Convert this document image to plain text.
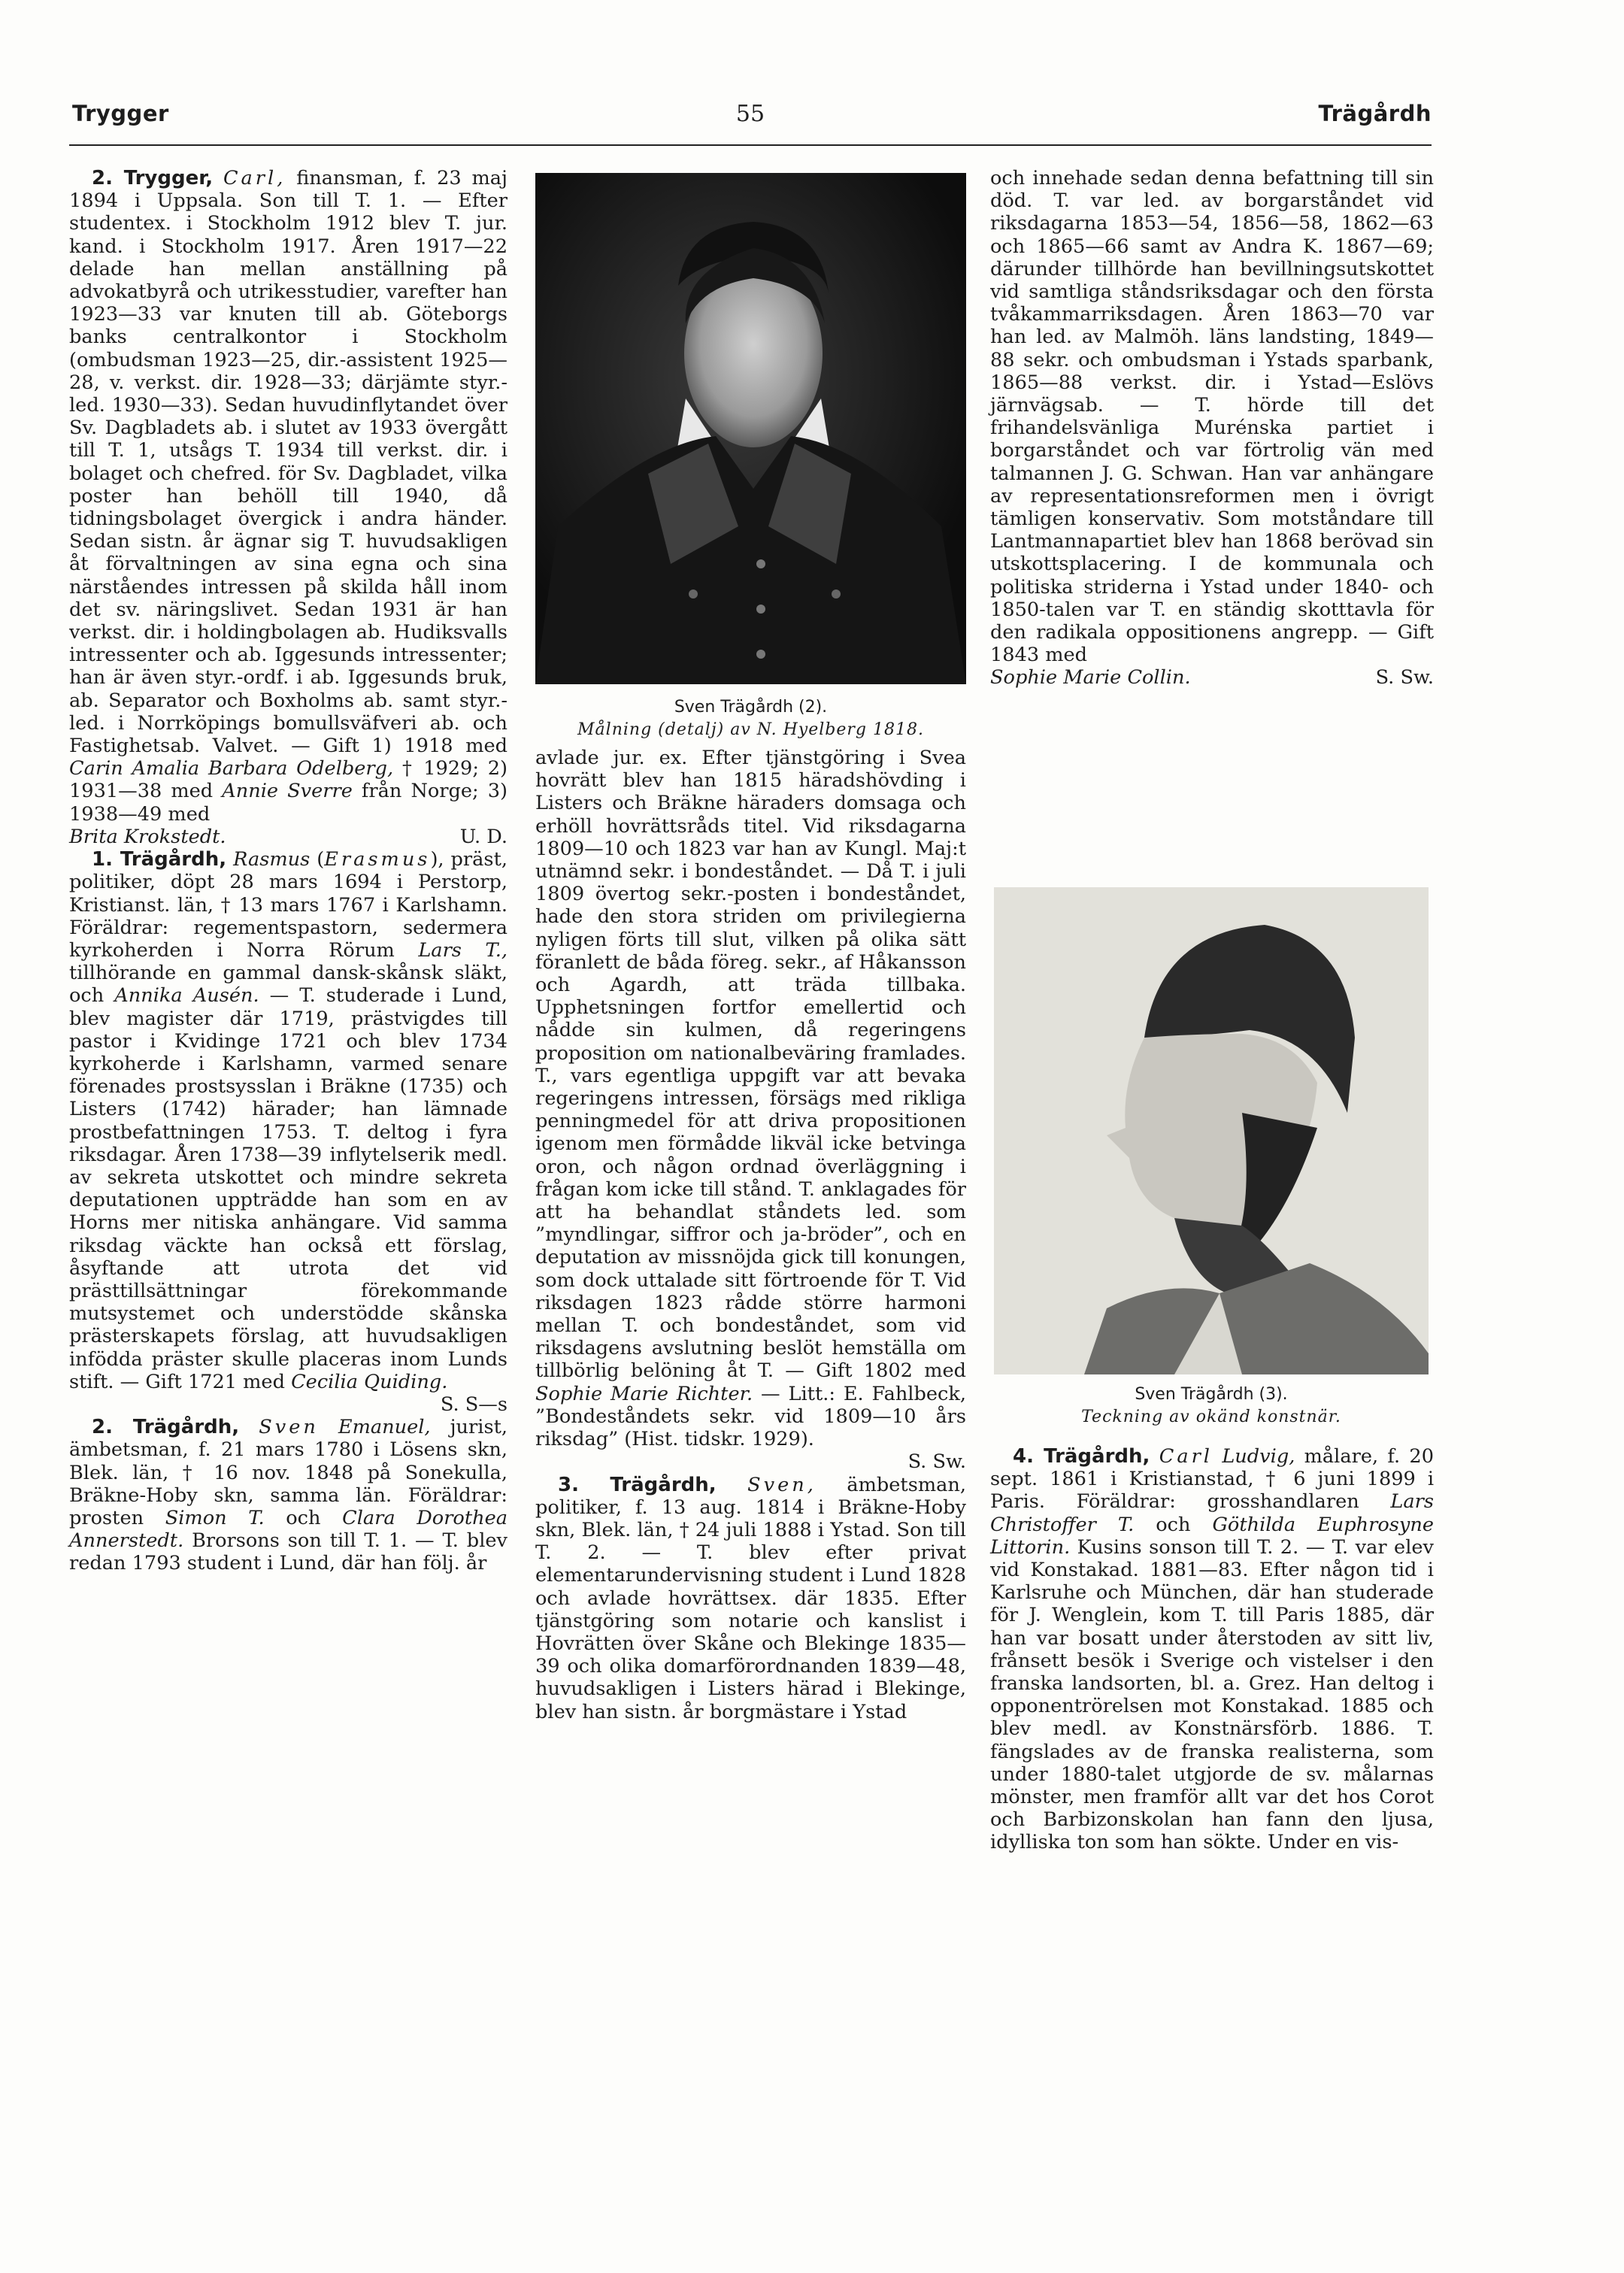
Trygger	55	Trägårdh

2. Trygger, Carl, finansman, f. 23 maj 1894 i Uppsala. Son till T. 1. — Efter studentex. i Stockholm 1912 blev T. jur. kand. i Stockholm 1917. Åren 1917—22 delade han mellan anställning på advokatbyrå och utrikesstudier, varefter han 1923—33 var knuten till ab. Göteborgs banks centralkontor i Stockholm (ombudsman 1923—25, dir.-assistent 1925—28, v. verkst. dir. 1928—33; därjämte styr.-led. 1930—33). Sedan huvudinflytandet över Sv. Dagbladets ab. i slutet av 1933 övergått till T. 1, utsågs T. 1934 till verkst. dir. i bolaget och chefred. för Sv. Dagbladet, vilka poster han behöll till 1940, då tidningsbolaget övergick i andra händer. Sedan sistn. år ägnar sig T. huvudsakligen åt förvaltningen av sina egna och sina närståendes intressen på skilda håll inom det sv. näringslivet. Sedan 1931 är han verkst. dir. i holdingbolagen ab. Hudiksvalls intressenter och ab. Iggesunds intressenter; han är även styr.-ordf. i ab. Iggesunds bruk, ab. Separator och Boxholms ab. samt styr.-led. i Norrköpings bomullsväfveri ab. och Fastighetsab. Valvet. — Gift 1) 1918 med Carin Amalia Barbara Odelberg, † 1929; 2) 1931—38 med Annie Sverre från Norge; 3) 1938—49 med

Brita Krokstedt.	U. D.

1. Trägårdh, Rasmus (Erasmus), präst, politiker, döpt 28 mars 1694 i Perstorp, Kristianst. län, † 13 mars 1767 i Karlshamn. Föräldrar: regementspastorn, sedermera kyrkoherden i Norra Rörum Lars T., tillhörande en gammal dansk-skånsk släkt, och Annika Ausén. — T. studerade i Lund, blev magister där 1719, prästvigdes till pastor i Kvidinge 1721 och blev 1734 kyrkoherde i Karlshamn, varmed senare förenades prostsysslan i Bräkne (1735) och Listers (1742) härader; han lämnade prostbefattningen 1753. T. deltog i fyra riksdagar. Åren 1738—39 inflytelserik medl. av sekreta utskottet och mindre sekreta deputationen uppträdde han som en av Horns mer nitiska anhängare. Vid samma riksdag väckte han också ett förslag, åsyftande att utrota det vid prästtillsättningar förekommande mutsystemet och understödde skånska prästerskapets förslag, att huvudsakligen infödda präster skulle placeras inom Lunds stift. — Gift 1721 med Cecilia Quiding.

S. S—s

2. Trägårdh, Sven Emanuel, jurist, ämbetsman, f. 21 mars 1780 i Lösens skn, Blek. län, † 16 nov. 1848 på Sonekulla, Bräkne-Hoby skn, samma län. Föräldrar: prosten Simon T. och Clara Dorothea Annerstedt. Brorsons son till T. 1. — T. blev redan 1793 student i Lund, där han följ. år

Sven Trägårdh (2).
Målning (detalj) av N. Hyelberg 1818.

avlade jur. ex. Efter tjänstgöring i Svea hovrätt blev han 1815 häradshövding i Listers och Bräkne häraders domsaga och erhöll hovrättsråds titel. Vid riksdagarna 1809—10 och 1823 var han av Kungl. Maj:t utnämnd sekr. i bondeståndet. — Då T. i juli 1809 övertog sekr.-posten i bondeståndet, hade den stora striden om privilegierna nyligen förts till slut, vilken på olika sätt föranlett de båda föreg. sekr., af Håkansson och Agardh, att träda tillbaka. Upphetsningen fortfor emellertid och nådde sin kulmen, då regeringens proposition om nationalbeväring framlades. T., vars egentliga uppgift var att bevaka regeringens intressen, försägs med rikliga penningmedel för att driva propositionen igenom men förmådde likväl icke betvinga oron, och någon ordnad överläggning i frågan kom icke till stånd. T. anklagades för att ha behandlat ståndets led. som ”myndlingar, siffror och ja-bröder”, och en deputation av missnöjda gick till konungen, som dock uttalade sitt förtroende för T. Vid riksdagen 1823 rådde större harmoni mellan T. och bondeståndet, som vid riksdagens avslutning beslöt hemställa om tillbörlig belöning åt T. — Gift 1802 med Sophie Marie Richter. — Litt.: E. Fahlbeck, ”Bondeståndets sekr. vid 1809—10 års riksdag” (Hist. tidskr. 1929).

S. Sw.

3. Trägårdh, Sven, ämbetsman, politiker, f. 13 aug. 1814 i Bräkne-Hoby skn, Blek. län, † 24 juli 1888 i Ystad. Son till T. 2. — T. blev efter privat elementarundervisning student i Lund 1828 och avlade hovrättsex. där 1835. Efter tjänstgöring som notarie och kanslist i Hovrätten över Skåne och Blekinge 1835—39 och olika domarförordnanden 1839—48, huvudsakligen i Listers härad i Blekinge, blev han sistn. år borgmästare i Ystad

och innehade sedan denna befattning till sin död. T. var led. av borgarståndet vid riksdagarna 1853—54, 1856—58, 1862—63 och 1865—66 samt av Andra K. 1867—69; därunder tillhörde han bevillningsutskottet vid samtliga ståndsriksdagar och den första tvåkammarriksdagen. Åren 1863—70 var han led. av Malmöh. läns landsting, 1849—88 sekr. och ombudsman i Ystads sparbank, 1865—88 verkst. dir. i Ystad—Eslövs järnvägsab. — T. hörde till det frihandelsvänliga Murénska partiet i borgarståndet och var förtrolig vän med talmannen J. G. Schwan. Han var anhängare av representationsreformen men i övrigt tämligen konservativ. Som motståndare till Lantmannapartiet blev han 1868 berövad sin utskottsplacering. I de kommunala och politiska striderna i Ystad under 1840- och 1850-talen var T. en ständig skotttavla för den radikala oppositionens angrepp. — Gift 1843 med

Sophie Marie Collin.	S. Sw.

Sven Trägårdh (3).
Teckning av okänd konstnär.

4. Trägårdh, Carl Ludvig, målare, f. 20 sept. 1861 i Kristianstad, † 6 juni 1899 i Paris. Föräldrar: grosshandlaren Lars Christoffer T. och Göthilda Euphrosyne Littorin. Kusins sonson till T. 2. — T. var elev vid Konstakad. 1881—83. Efter någon tid i Karlsruhe och München, där han studerade för J. Wenglein, kom T. till Paris 1885, där han var bosatt under återstoden av sitt liv, frånsett besök i Sverige och vistelser i den franska landsorten, bl. a. Grez. Han deltog i opponentrörelsen mot Konstakad. 1885 och blev medl. av Konstnärsförb. 1886. T. fängslades av de franska realisterna, som under 1880-talet utgjorde de sv. målarnas mönster, men framför allt var det hos Corot och Barbizonskolan han fann den ljusa, idylliska ton som han sökte. Under en vis-
